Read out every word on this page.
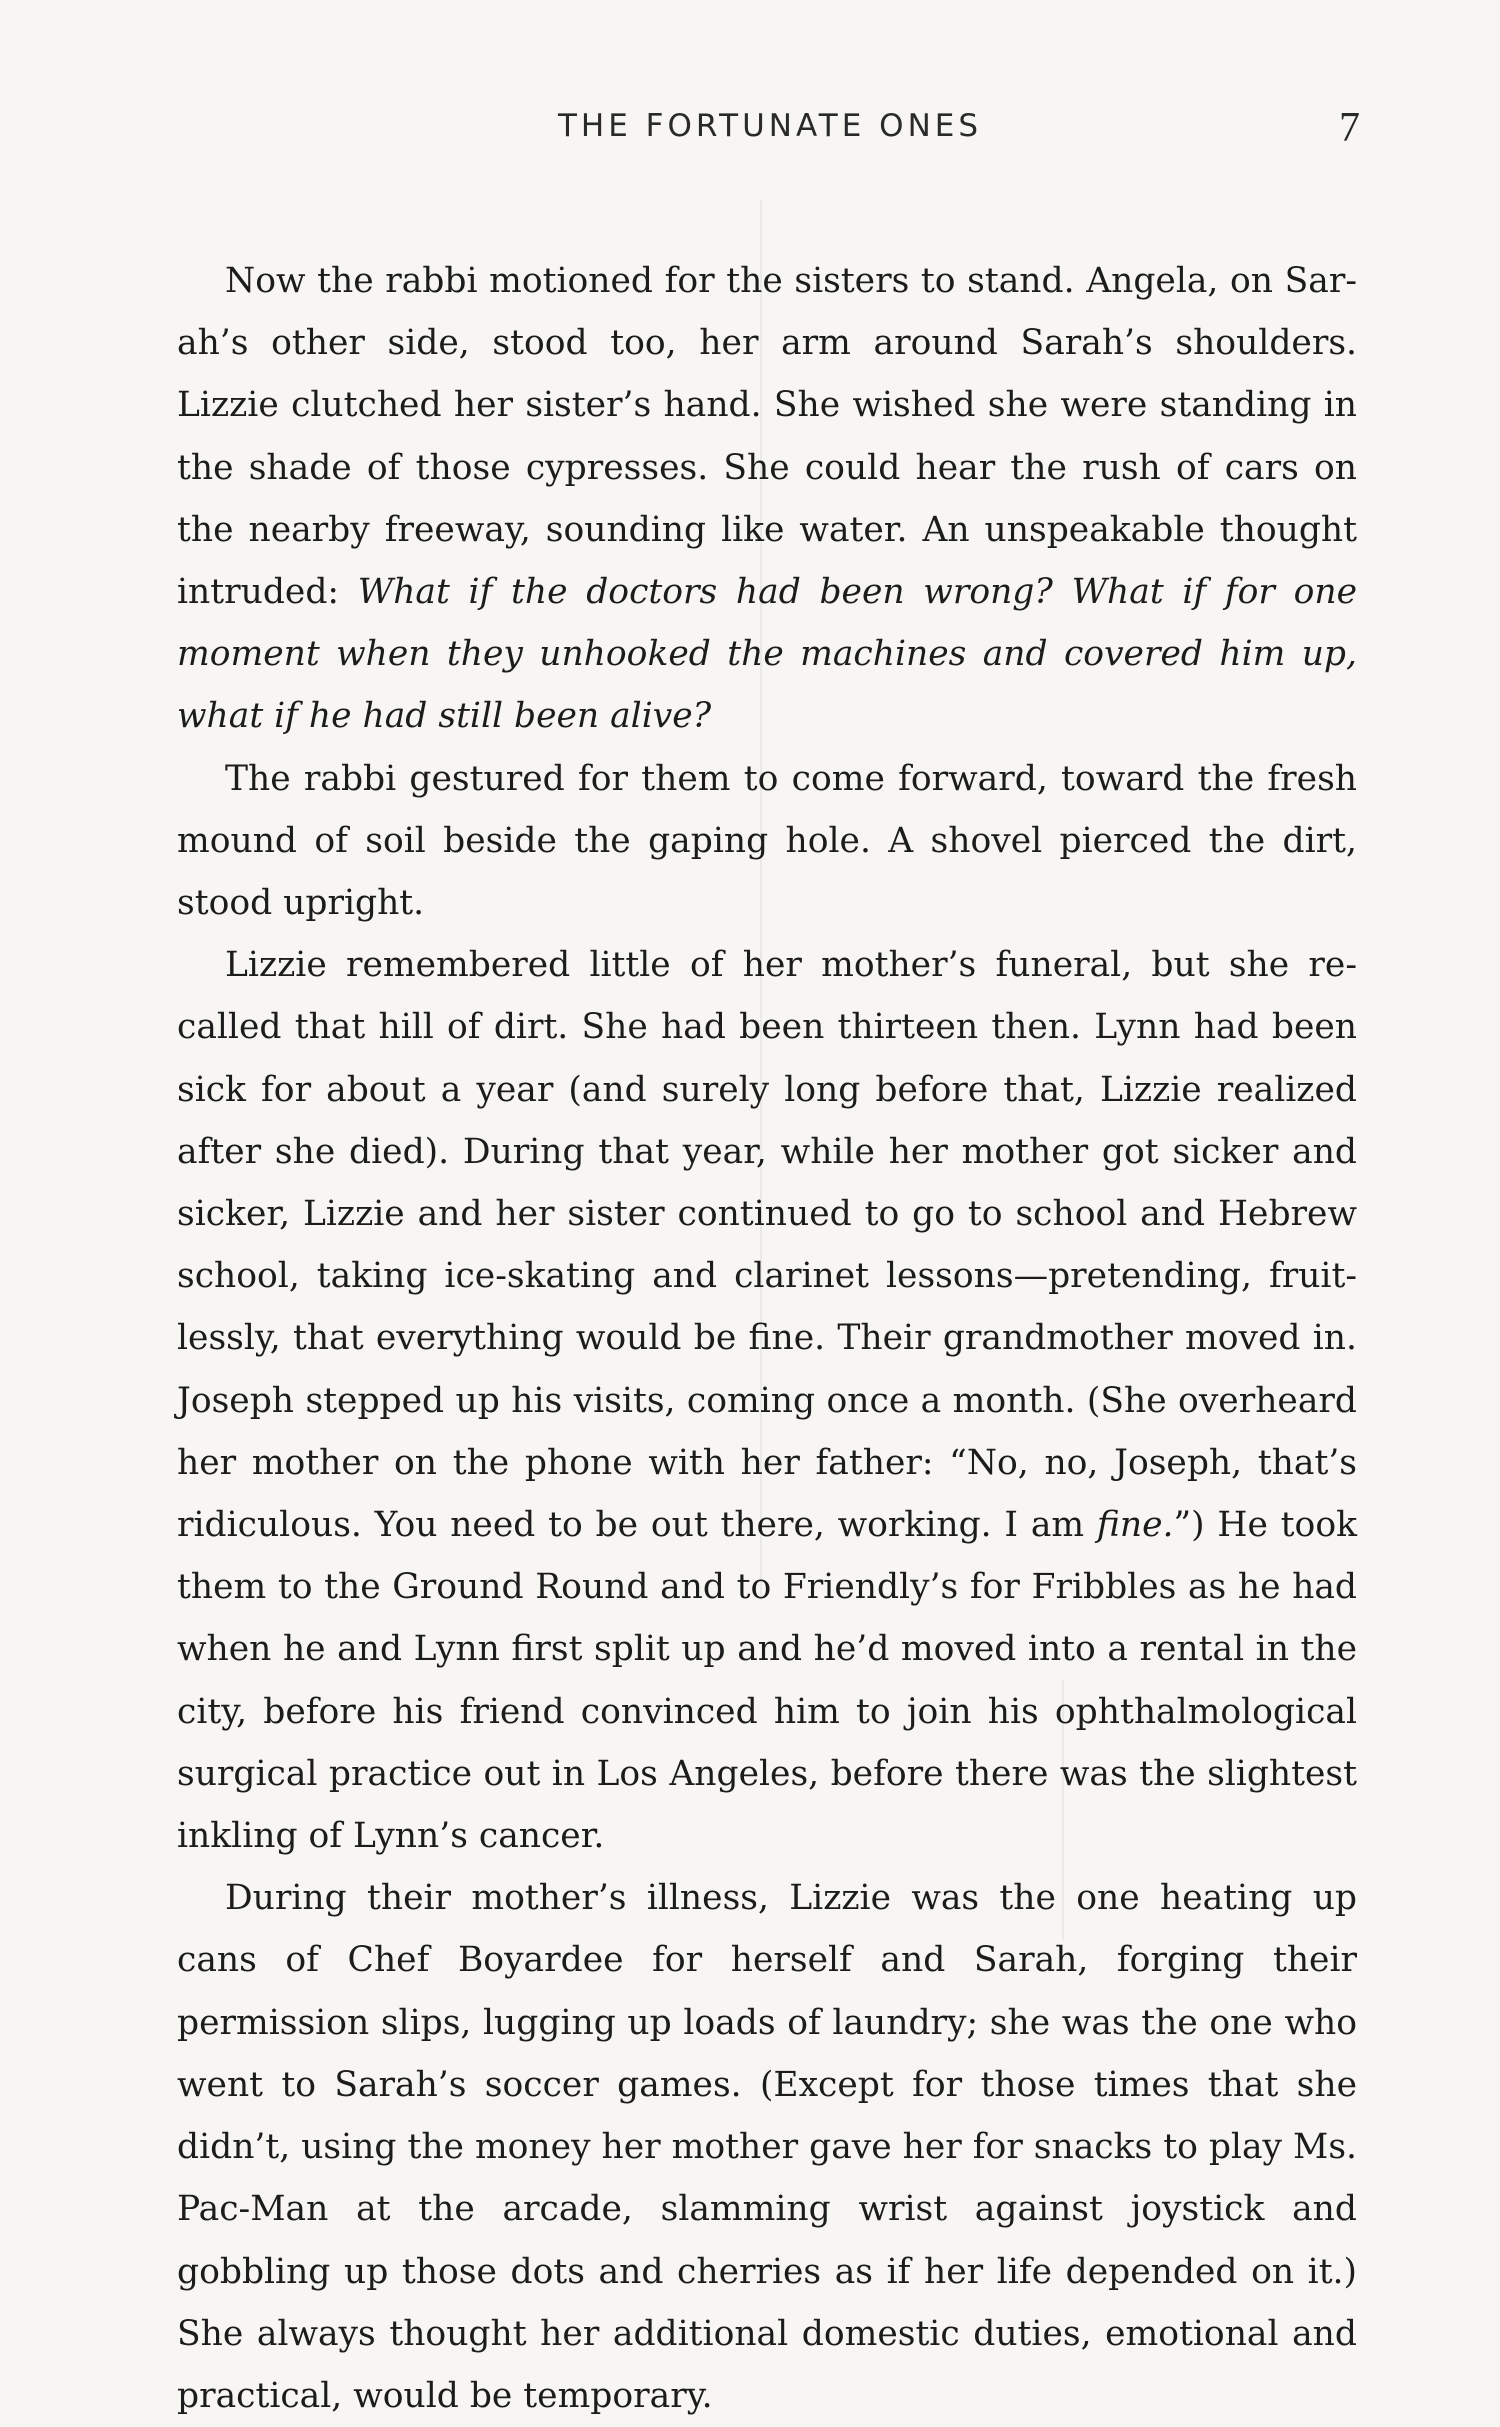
THE FORTUNATE ONES	7

Now the rabbi motioned for the sisters to stand. Angela, on Sarah’s other side, stood too, her arm around Sarah’s shoulders. Lizzie clutched her sister’s hand. She wished she were standing in the shade of those cypresses. She could hear the rush of cars on the nearby freeway, sounding like water. An unspeakable thought intruded: What if the doctors had been wrong? What if for one moment when they unhooked the machines and covered him up, what if he had still been alive?

The rabbi gestured for them to come forward, toward the fresh mound of soil beside the gaping hole. A shovel pierced the dirt, stood upright.

Lizzie remembered little of her mother’s funeral, but she recalled that hill of dirt. She had been thirteen then. Lynn had been sick for about a year (and surely long before that, Lizzie realized after she died). During that year, while her mother got sicker and sicker, Lizzie and her sister continued to go to school and Hebrew school, taking ice-skating and clarinet lessons—pretending, fruitlessly, that everything would be fine. Their grandmother moved in. Joseph stepped up his visits, coming once a month. (She overheard her mother on the phone with her father: “No, no, Joseph, that’s ridiculous. You need to be out there, working. I am fine.”) He took them to the Ground Round and to Friendly’s for Fribbles as he had when he and Lynn first split up and he’d moved into a rental in the city, before his friend convinced him to join his ophthalmological surgical practice out in Los Angeles, before there was the slightest inkling of Lynn’s cancer.

During their mother’s illness, Lizzie was the one heating up cans of Chef Boyardee for herself and Sarah, forging their permission slips, lugging up loads of laundry; she was the one who went to Sarah’s soccer games. (Except for those times that she didn’t, using the money her mother gave her for snacks to play Ms. Pac-Man at the arcade, slamming wrist against joystick and gobbling up those dots and cherries as if her life depended on it.) She always thought her additional domestic duties, emotional and practical, would be temporary.
